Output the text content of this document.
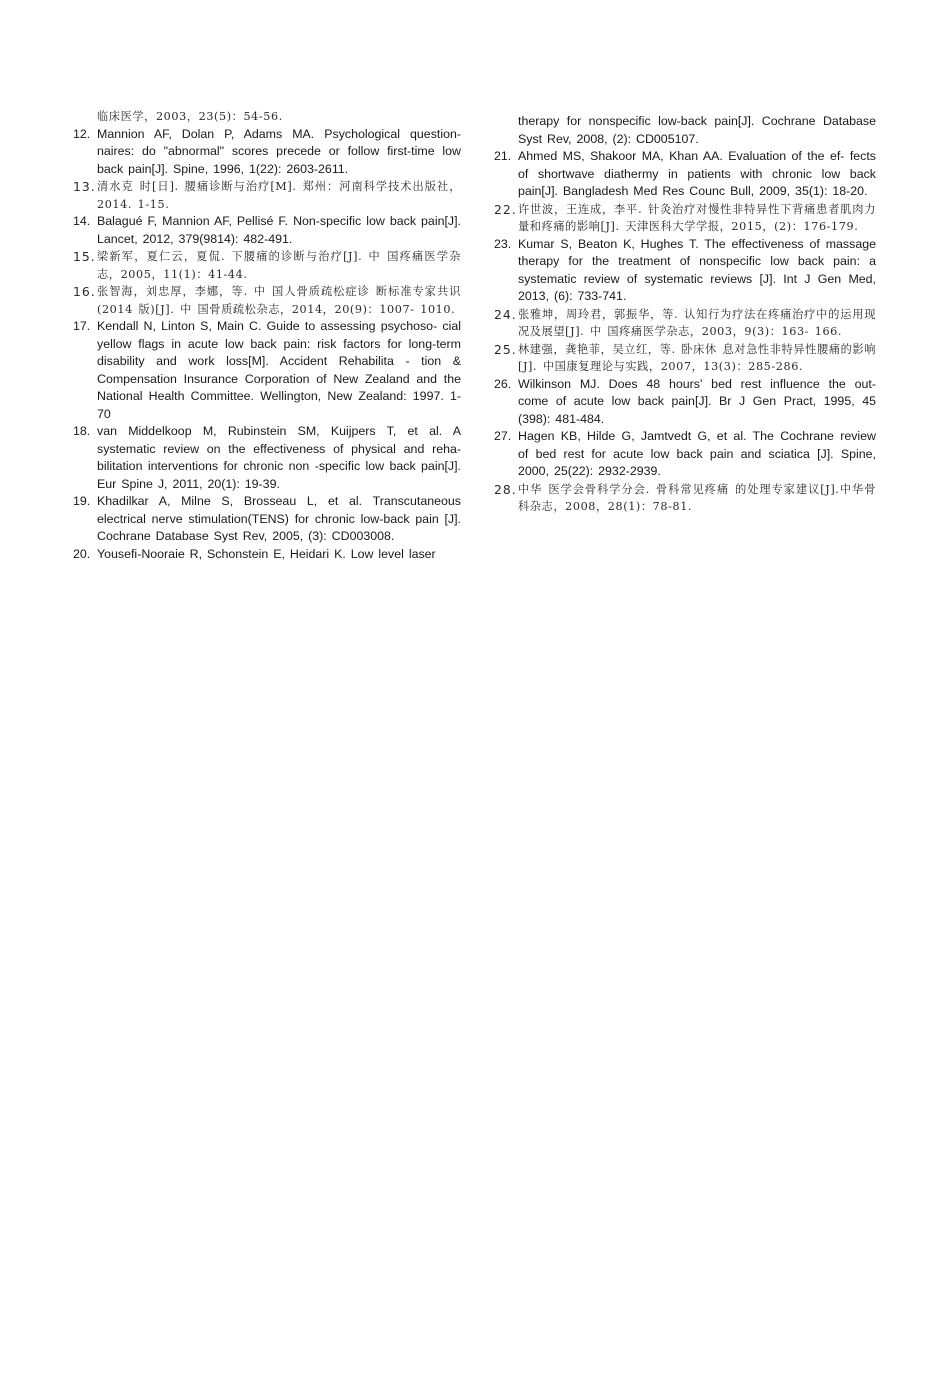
临床医学，2003，23(5)：54-56.
12. Mannion AF, Dolan P, Adams MA. Psychological question- naires: do "abnormal" scores precede or follow first-time low back pain[J]. Spine, 1996, 1(22): 2603-2611.
13. 清水克 时[日]. 腰痛诊断与治疗[M]. 郑州：河南科学技术出版社，2014. 1-15.
14. Balagué F, Mannion AF, Pellisé F. Non-specific low back pain[J]. Lancet, 2012, 379(9814): 482-491.
15. 梁新军，夏仁云，夏侃. 下腰痛的诊断与治疗[J]. 中 国疼痛医学杂志，2005，11(1)：41-44.
16. 张智海，刘忠厚，李娜，等. 中 国人骨质疏松症诊 断标准专家共识(2014 版)[J]. 中 国骨质疏松杂志，2014，20(9)：1007- 1010.
17. Kendall N, Linton S, Main C. Guide to assessing psychoso- cial yellow flags in acute low back pain: risk factors for long-term disability and work loss[M]. Accident Rehabilita - tion & Compensation Insurance Corporation of New Zealand and the National Health Committee. Wellington, New Zealand: 1997. 1-70
18. van Middelkoop M, Rubinstein SM, Kuijpers T, et al. A systematic review on the effectiveness of physical and reha- bilitation interventions for chronic non -specific low back pain[J]. Eur Spine J, 2011, 20(1): 19-39.
19. Khadilkar A, Milne S, Brosseau L, et al. Transcutaneous electrical nerve stimulation(TENS) for chronic low-back pain [J]. Cochrane Database Syst Rev, 2005, (3): CD003008.
20. Yousefi-Nooraie R, Schonstein E, Heidari K. Low level laser
therapy for nonspecific low-back pain[J]. Cochrane Database Syst Rev, 2008, (2): CD005107.
21. Ahmed MS, Shakoor MA, Khan AA. Evaluation of the ef- fects of shortwave diathermy in patients with chronic low back pain[J]. Bangladesh Med Res Counc Bull, 2009, 35(1): 18-20.
22. 许世波，王连成，李平. 针灸治疗对慢性非特异性下背痛患者肌肉力量和疼痛的影响[J]. 天津医科大学学报，2015，(2)：176-179.
23. Kumar S, Beaton K, Hughes T. The effectiveness of massage therapy for the treatment of nonspecific low back pain: a systematic review of systematic reviews [J]. Int J Gen Med, 2013, (6): 733-741.
24. 张雅坤，周玲君，郭振华，等. 认知行为疗法在疼痛治疗中的运用现况及展望[J]. 中 国疼痛医学杂志，2003，9(3)：163- 166.
25. 林建强，龚艳菲，吴立红，等. 卧床休 息对急性非特异性腰痛的影响[J]. 中国康复理论与实践，2007，13(3)：285-286.
26. Wilkinson MJ. Does 48 hours' bed rest influence the out- come of acute low back pain[J]. Br J Gen Pract, 1995, 45 (398): 481-484.
27. Hagen KB, Hilde G, Jamtvedt G, et al. The Cochrane review of bed rest for acute low back pain and sciatica [J]. Spine, 2000, 25(22): 2932-2939.
28. 中华 医学会骨科学分会. 骨科常见疼痛 的处理专家建议[J].中华骨科杂志，2008，28(1)：78-81.
